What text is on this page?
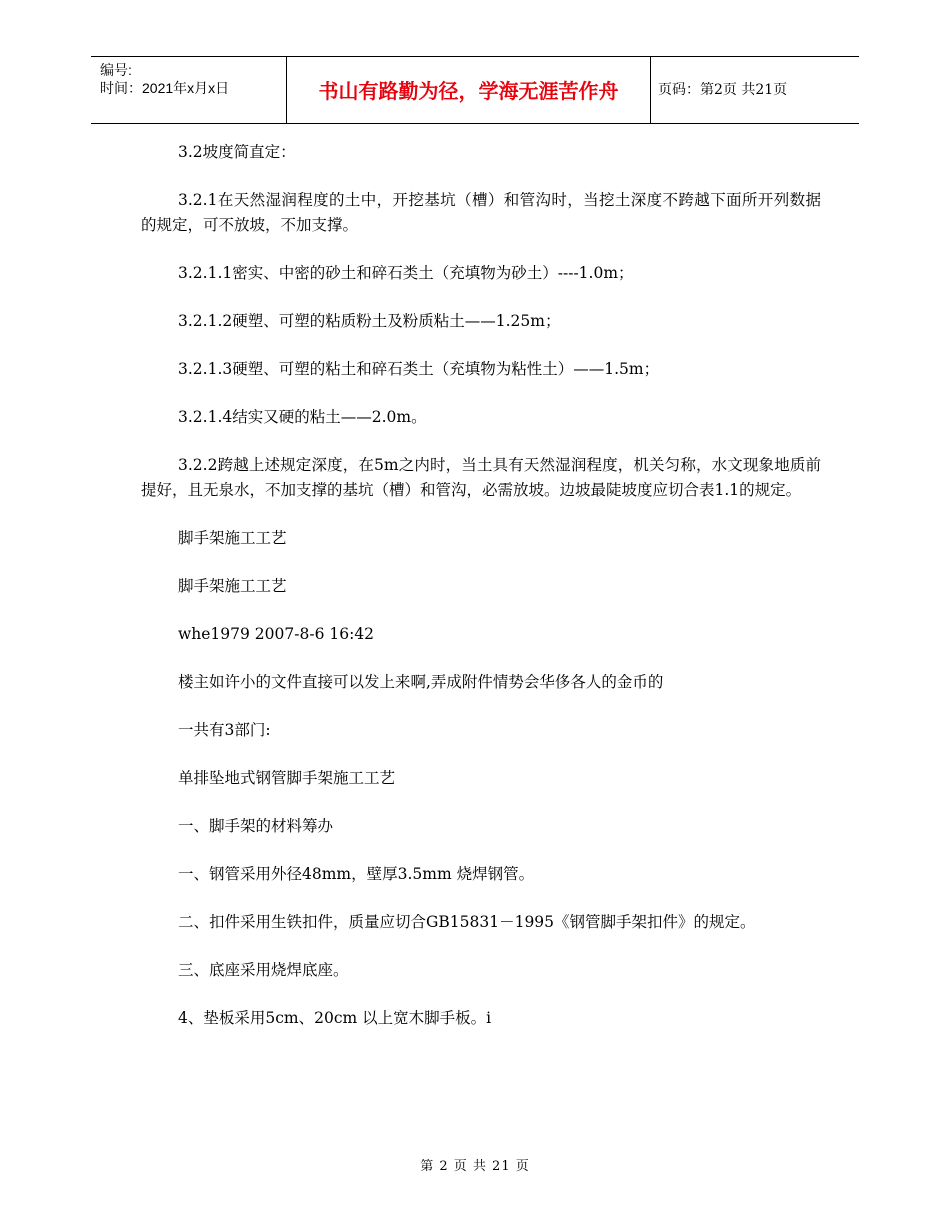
编号:
时间：2021年x月x日	书山有路勤为径，学海无涯苦作舟	页码：第2页 共21页

3.2坡度简直定：

3.2.1在天然湿润程度的土中，开挖基坑（槽）和管沟时，当挖土深度不跨越下面所开列数据的规定，可不放坡，不加支撑。

3.2.1.1密实、中密的砂土和碎石类土（充填物为砂土）----1.0m；

3.2.1.2硬塑、可塑的粘质粉土及粉质粘土——1.25m；

3.2.1.3硬塑、可塑的粘土和碎石类土（充填物为粘性土）——1.5m；

3.2.1.4结实又硬的粘土——2.0m。

3.2.2跨越上述规定深度，在5m之内时，当土具有天然湿润程度，机关匀称，水文现象地质前提好，且无泉水，不加支撑的基坑（槽）和管沟，必需放坡。边坡最陡坡度应切合表1.1的规定。

脚手架施工工艺

脚手架施工工艺

whe1979 2007-8-6 16:42

楼主如许小的文件直接可以发上来啊,弄成附件情势会华侈各人的金币的

一共有3部门:

单排坠地式钢管脚手架施工工艺

一、脚手架的材料筹办

一、钢管采用外径48mm，壁厚3.5mm 烧焊钢管。

二、扣件采用生铁扣件，质量应切合GB15831－1995《钢管脚手架扣件》的规定。

三、底座采用烧焊底座。

4、垫板采用5cm、20cm 以上宽木脚手板。i

第 2 页 共 21 页
